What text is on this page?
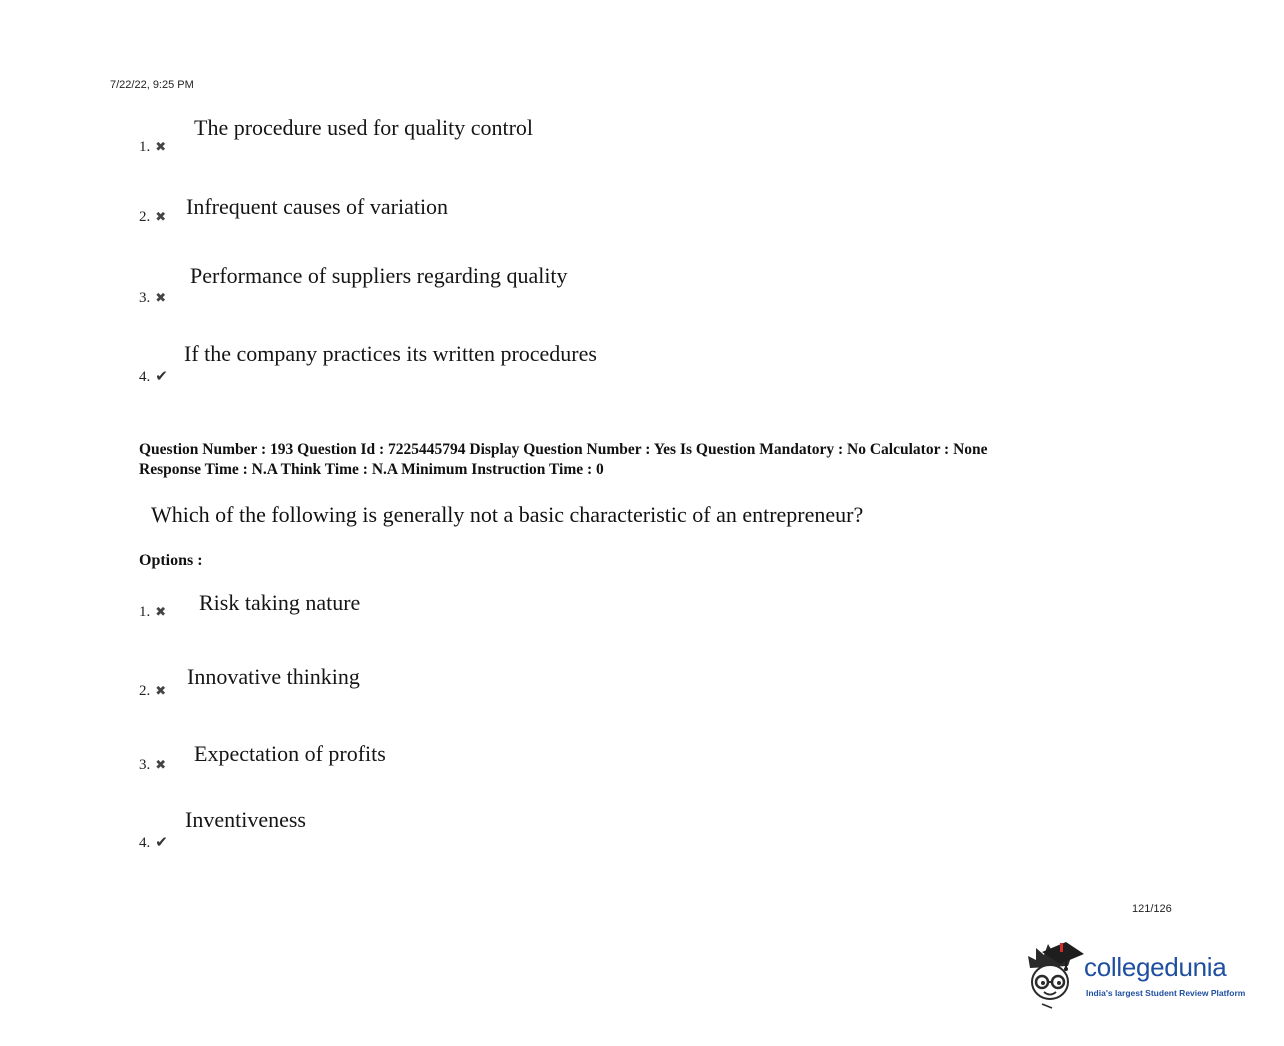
7/22/22, 9:25 PM
The procedure used for quality control
1. ✖
Infrequent causes of variation
2. ✖
Performance of suppliers regarding quality
3. ✖
If the company practices its written procedures
4. ✔
Question Number : 193 Question Id : 7225445794 Display Question Number : Yes Is Question Mandatory : No Calculator : None
Response Time : N.A Think Time : N.A Minimum Instruction Time : 0
Which of the following is generally not a basic characteristic of an entrepreneur?
Options :
Risk taking nature
1. ✖
Innovative thinking
2. ✖
Expectation of profits
3. ✖
Inventiveness
4. ✔
121/126
collegedunia
India's largest Student Review Platform
